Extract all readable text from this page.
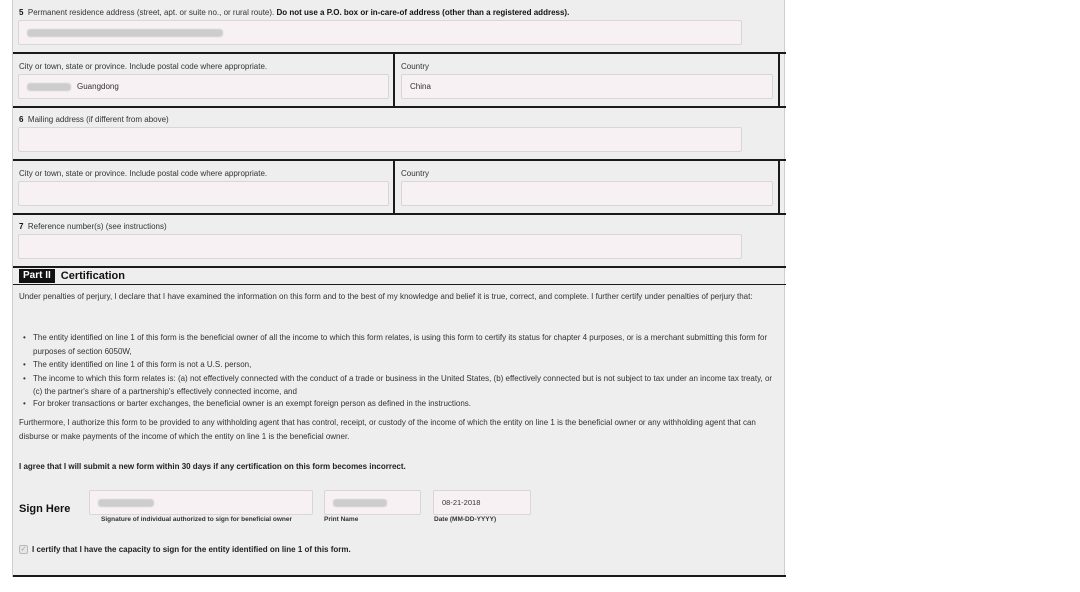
5 Permanent residence address (street, apt. or suite no., or rural route). Do not use a P.O. box or in-care-of address (other than a registered address).
City or town, state or province. Include postal code where appropriate.
Guangdong
Country
China
6 Mailing address (if different from above)
City or town, state or province. Include postal code where appropriate.	Country
7 Reference number(s) (see instructions)
Part II Certification
Under penalties of perjury, I declare that I have examined the information on this form and to the best of my knowledge and belief it is true, correct, and complete. I further certify under penalties of perjury that:
• The entity identified on line 1 of this form is the beneficial owner of all the income to which this form relates, is using this form to certify its status for chapter 4 purposes, or is a merchant submitting this form for purposes of section 6050W,
• The entity identified on line 1 of this form is not a U.S. person,
• The income to which this form relates is: (a) not effectively connected with the conduct of a trade or business in the United States, (b) effectively connected but is not subject to tax under an income tax treaty, or (c) the partner's share of a partnership's effectively connected income, and
• For broker transactions or barter exchanges, the beneficial owner is an exempt foreign person as defined in the instructions.
Furthermore, I authorize this form to be provided to any withholding agent that has control, receipt, or custody of the income of which the entity on line 1 is the beneficial owner or any withholding agent that can disburse or make payments of the income of which the entity on line 1 is the beneficial owner.
I agree that I will submit a new form within 30 days if any certification on this form becomes incorrect.
Sign Here
Signature of individual authorized to sign for beneficial owner	Print Name
08-21-2018
Date (MM-DD-YYYY)
✓ I certify that I have the capacity to sign for the entity identified on line 1 of this form.
